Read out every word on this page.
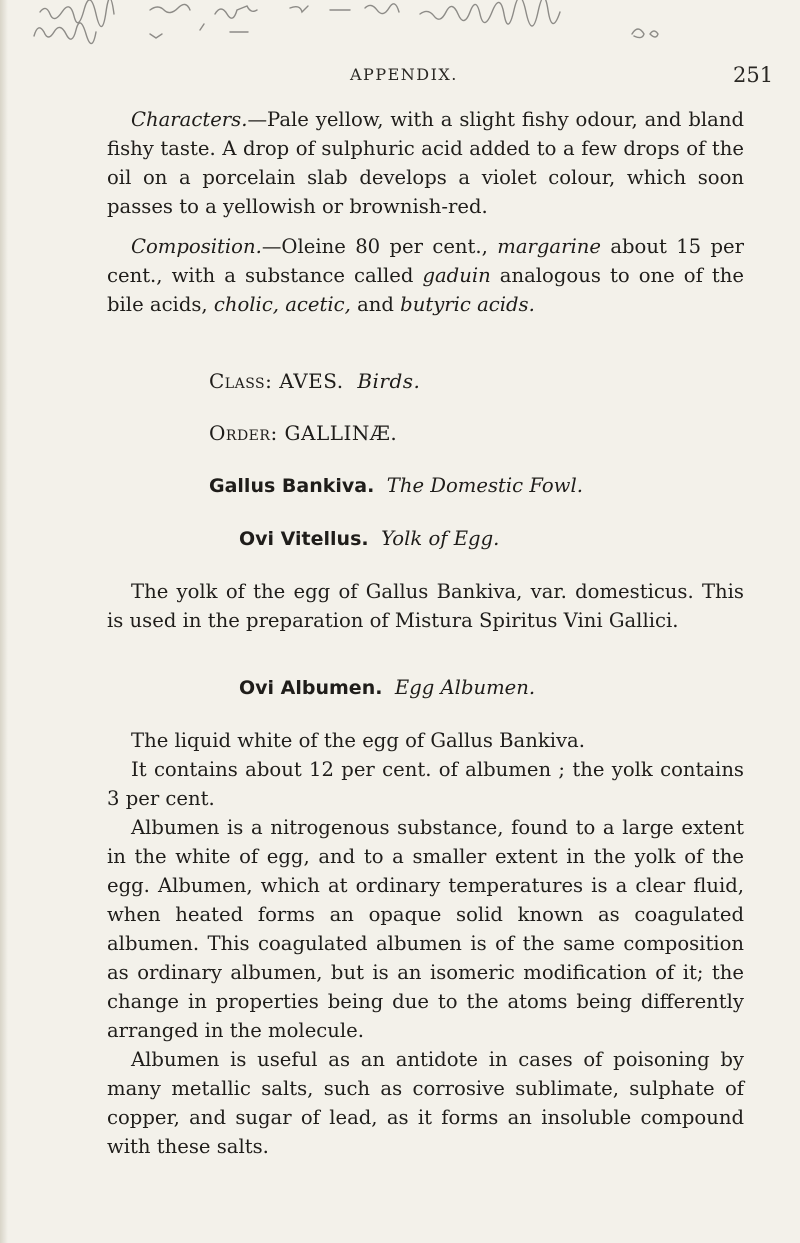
APPENDIX.	251

Characters.—Pale yellow, with a slight fishy odour, and bland fishy taste. A drop of sulphuric acid added to a few drops of the oil on a porcelain slab develops a violet colour, which soon passes to a yellowish or brownish-red.

Composition.—Oleine 80 per cent., margarine about 15 per cent., with a substance called gaduin analogous to one of the bile acids, cholic, acetic, and butyric acids.

Class: AVES. Birds.

Order: GALLINÆ.

Gallus Bankiva. The Domestic Fowl.

Ovi Vitellus. Yolk of Egg.

The yolk of the egg of Gallus Bankiva, var. domesticus. This is used in the preparation of Mistura Spiritus Vini Gallici.

Ovi Albumen. Egg Albumen.

The liquid white of the egg of Gallus Bankiva.

It contains about 12 per cent. of albumen ; the yolk contains 3 per cent.

Albumen is a nitrogenous substance, found to a large extent in the white of egg, and to a smaller extent in the yolk of the egg. Albumen, which at ordinary temperatures is a clear fluid, when heated forms an opaque solid known as coagulated albumen. This coagulated albumen is of the same composition as ordinary albumen, but is an isomeric modification of it; the change in properties being due to the atoms being differently arranged in the molecule.

Albumen is useful as an antidote in cases of poisoning by many metallic salts, such as corrosive sublimate, sulphate of copper, and sugar of lead, as it forms an insoluble compound with these salts.
